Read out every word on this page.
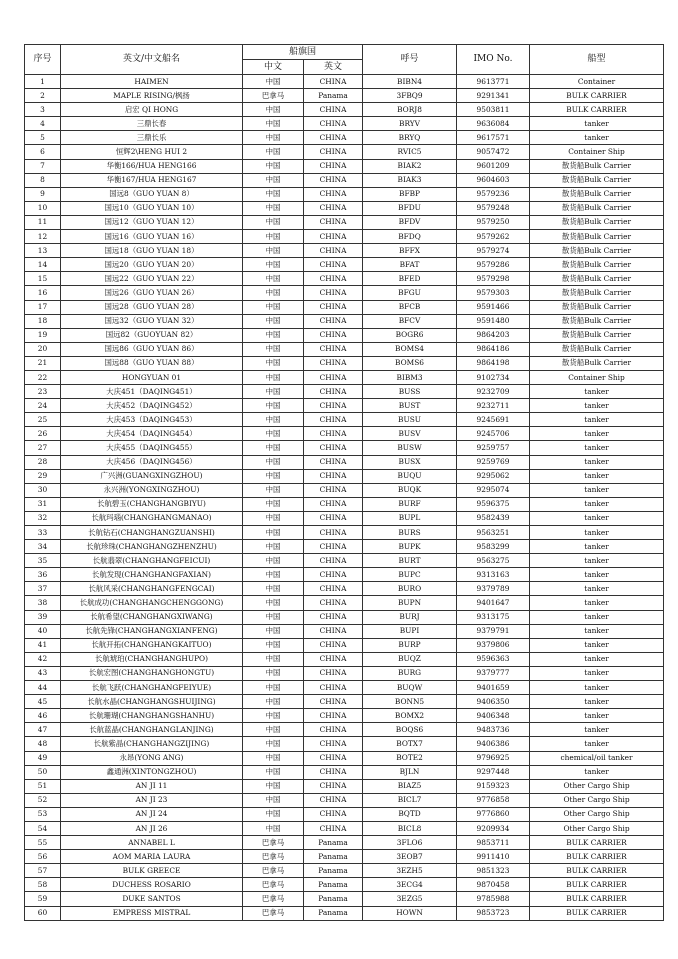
序号	英文/中文船名	船旗国		呼号	IMO No.	船型
		中文	英文			
1	HAIMEN	中国	CHINA	BIBN4	9613771	Container
2	MAPLE RISING/枫扬	巴拿马	Panama	3FBQ9	9291341	BULK CARRIER
3	启宏 QI HONG	中国	CHINA	BORJ8	9503811	BULK CARRIER
4	三鼎长春	中国	CHINA	BRYV	9636084	tanker
5	三鼎长乐	中国	CHINA	BRYQ	9617571	tanker
6	恒辉2\HENG HUI 2	中国	CHINA	RVIC5	9057472	Container Ship
7	华衡166/HUA HENG166	中国	CHINA	BIAK2	9601209	散货船Bulk Carrier
8	华衡167/HUA HENG167	中国	CHINA	BIAK3	9604603	散货船Bulk Carrier
9	国远8（GUO YUAN 8）	中国	CHINA	BFBP	9579236	散货船Bulk Carrier
10	国远10（GUO YUAN 10）	中国	CHINA	BFDU	9579248	散货船Bulk Carrier
11	国远12（GUO YUAN 12）	中国	CHINA	BFDV	9579250	散货船Bulk Carrier
12	国远16（GUO YUAN 16）	中国	CHINA	BFDQ	9579262	散货船Bulk Carrier
13	国远18（GUO YUAN 18）	中国	CHINA	BFFX	9579274	散货船Bulk Carrier
14	国远20（GUO YUAN 20）	中国	CHINA	BFAT	9579286	散货船Bulk Carrier
15	国远22（GUO YUAN 22）	中国	CHINA	BFED	9579298	散货船Bulk Carrier
16	国远26（GUO YUAN 26）	中国	CHINA	BFGU	9579303	散货船Bulk Carrier
17	国远28（GUO YUAN 28）	中国	CHINA	BFCB	9591466	散货船Bulk Carrier
18	国远32（GUO YUAN 32）	中国	CHINA	BFCV	9591480	散货船Bulk Carrier
19	国远82（GUOYUAN 82）	中国	CHINA	BOGR6	9864203	散货船Bulk Carrier
20	国远86（GUO YUAN 86）	中国	CHINA	BOMS4	9864186	散货船Bulk Carrier
21	国远88（GUO YUAN 88）	中国	CHINA	BOMS6	9864198	散货船Bulk Carrier
22	HONGYUAN 01	中国	CHINA	BIBM3	9102734	Container Ship
23	大庆451（DAQING451）	中国	CHINA	BUSS	9232709	tanker
24	大庆452（DAQING452）	中国	CHINA	BUST	9232711	tanker
25	大庆453（DAQING453）	中国	CHINA	BUSU	9245691	tanker
26	大庆454（DAQING454）	中国	CHINA	BUSV	9245706	tanker
27	大庆455（DAQING455）	中国	CHINA	BUSW	9259757	tanker
28	大庆456（DAQING456）	中国	CHINA	BUSX	9259769	tanker
29	广兴洲(GUANGXINGZHOU)	中国	CHINA	BUQU	9295062	tanker
30	永兴洲(YONGXINGZHOU)	中国	CHINA	BUQK	9295074	tanker
31	长航碧玉(CHANGHANGBIYU)	中国	CHINA	BURF	9596375	tanker
32	长航玛瑙(CHANGHANGMANAO)	中国	CHINA	BUPL	9582439	tanker
33	长航钻石(CHANGHANGZUANSHI)	中国	CHINA	BURS	9563251	tanker
34	长航珍珠(CHANGHANGZHENZHU)	中国	CHINA	BUPK	9583299	tanker
35	长航翡翠(CHANGHANGFEICUI)	中国	CHINA	BURT	9563275	tanker
36	长航发现(CHANGHANGFAXIAN)	中国	CHINA	BUPC	9313163	tanker
37	长航风采(CHANGHANGFENGCAI)	中国	CHINA	BURO	9379789	tanker
38	长航成功(CHANGHANGCHENGGONG)	中国	CHINA	BUPN	9401647	tanker
39	长航希望(CHANGHANGXIWANG)	中国	CHINA	BURJ	9313175	tanker
40	长航先锋(CHANGHANGXIANFENG)	中国	CHINA	BUPI	9379791	tanker
41	长航开拓(CHANGHANGKAITUO)	中国	CHINA	BURP	9379806	tanker
42	长航琥珀(CHANGHANGHUPO)	中国	CHINA	BUQZ	9596363	tanker
43	长航宏图(CHANGHANGHONGTU)	中国	CHINA	BURG	9379777	tanker
44	长航飞跃(CHANGHANGFEIYUE)	中国	CHINA	BUQW	9401659	tanker
45	长航水晶(CHANGHANGSHUIJING)	中国	CHINA	BONN5	9406350	tanker
46	长航珊瑚(CHANGHANGSHANHU)	中国	CHINA	BOMX2	9406348	tanker
47	长航蓝晶(CHANGHANGLANJING)	中国	CHINA	BOQS6	9483736	tanker
48	长航紫晶(CHANGHANGZIJING)	中国	CHINA	BOTX7	9406386	tanker
49	永昂(YONG ANG)	中国	CHINA	BOTE2	9796925	chemical/oil tanker
50	鑫通洲(XINTONGZHOU)	中国	CHINA	BJLN	9297448	tanker
51	AN JI 11	中国	CHINA	BIAZ5	9159323	Other Cargo Ship
52	AN JI 23	中国	CHINA	BICL7	9776858	Other Cargo Ship
53	AN JI 24	中国	CHINA	BQTD	9776860	Other Cargo Ship
54	AN JI 26	中国	CHINA	BICL8	9209934	Other Cargo Ship
55	ANNABEL L	巴拿马	Panama	3FLO6	9853711	BULK CARRIER
56	AOM MARIA LAURA	巴拿马	Panama	3EOB7	9911410	BULK CARRIER
57	BULK GREECE	巴拿马	Panama	3EZH5	9851323	BULK CARRIER
58	DUCHESS ROSARIO	巴拿马	Panama	3ECG4	9870458	BULK CARRIER
59	DUKE SANTOS	巴拿马	Panama	3EZG5	9785988	BULK CARRIER
60	EMPRESS MISTRAL	巴拿马	Panama	HOWN	9853723	BULK CARRIER
